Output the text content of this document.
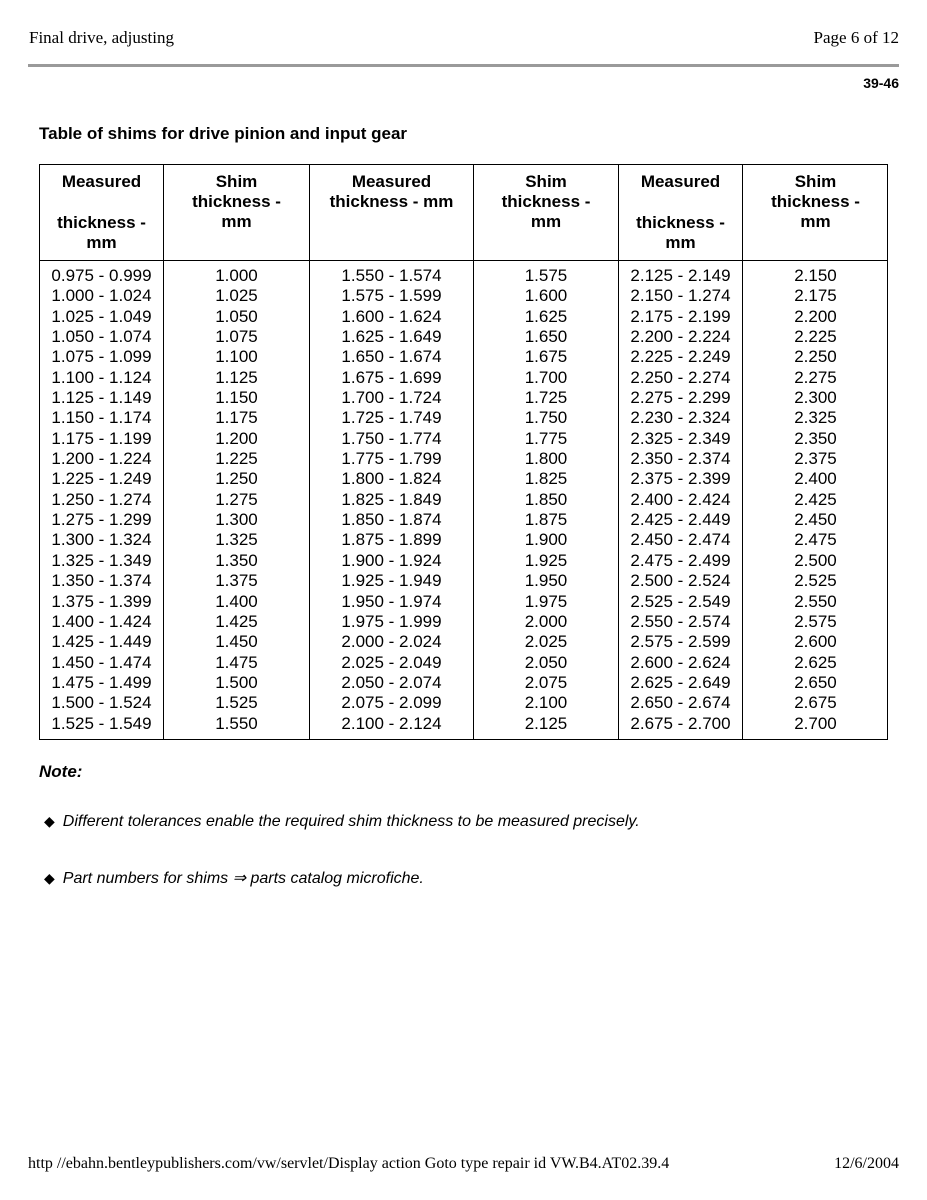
Final drive, adjusting	Page 6 of 12
39-46
Table of shims for drive pinion and input gear
Measured
thickness -
mm
Shim
thickness -
mm
Measured
thickness - mm
Shim
thickness -
mm
Measured
thickness -
mm
Shim
thickness -
mm
0.975 - 0.999
1.000 - 1.024
1.025 - 1.049
1.050 - 1.074
1.075 - 1.099
1.100 - 1.124
1.125 - 1.149
1.150 - 1.174
1.175 - 1.199
1.200 - 1.224
1.225 - 1.249
1.250 - 1.274
1.275 - 1.299
1.300 - 1.324
1.325 - 1.349
1.350 - 1.374
1.375 - 1.399
1.400 - 1.424
1.425 - 1.449
1.450 - 1.474
1.475 - 1.499
1.500 - 1.524
1.525 - 1.549
1.000
1.025
1.050
1.075
1.100
1.125
1.150
1.175
1.200
1.225
1.250
1.275
1.300
1.325
1.350
1.375
1.400
1.425
1.450
1.475
1.500
1.525
1.550
1.550 - 1.574
1.575 - 1.599
1.600 - 1.624
1.625 - 1.649
1.650 - 1.674
1.675 - 1.699
1.700 - 1.724
1.725 - 1.749
1.750 - 1.774
1.775 - 1.799
1.800 - 1.824
1.825 - 1.849
1.850 - 1.874
1.875 - 1.899
1.900 - 1.924
1.925 - 1.949
1.950 - 1.974
1.975 - 1.999
2.000 - 2.024
2.025 - 2.049
2.050 - 2.074
2.075 - 2.099
2.100 - 2.124
1.575
1.600
1.625
1.650
1.675
1.700
1.725
1.750
1.775
1.800
1.825
1.850
1.875
1.900
1.925
1.950
1.975
2.000
2.025
2.050
2.075
2.100
2.125
2.125 - 2.149
2.150 - 1.274
2.175 - 2.199
2.200 - 2.224
2.225 - 2.249
2.250 - 2.274
2.275 - 2.299
2.230 - 2.324
2.325 - 2.349
2.350 - 2.374
2.375 - 2.399
2.400 - 2.424
2.425 - 2.449
2.450 - 2.474
2.475 - 2.499
2.500 - 2.524
2.525 - 2.549
2.550 - 2.574
2.575 - 2.599
2.600 - 2.624
2.625 - 2.649
2.650 - 2.674
2.675 - 2.700
2.150
2.175
2.200
2.225
2.250
2.275
2.300
2.325
2.350
2.375
2.400
2.425
2.450
2.475
2.500
2.525
2.550
2.575
2.600
2.625
2.650
2.675
2.700
Note:
◆ Different tolerances enable the required shim thickness to be measured precisely.
◆ Part numbers for shims ⇒ parts catalog microfiche.
http //ebahn.bentleypublishers.com/vw/servlet/Display action Goto type repair id VW.B4.AT02.39.4	12/6/2004
